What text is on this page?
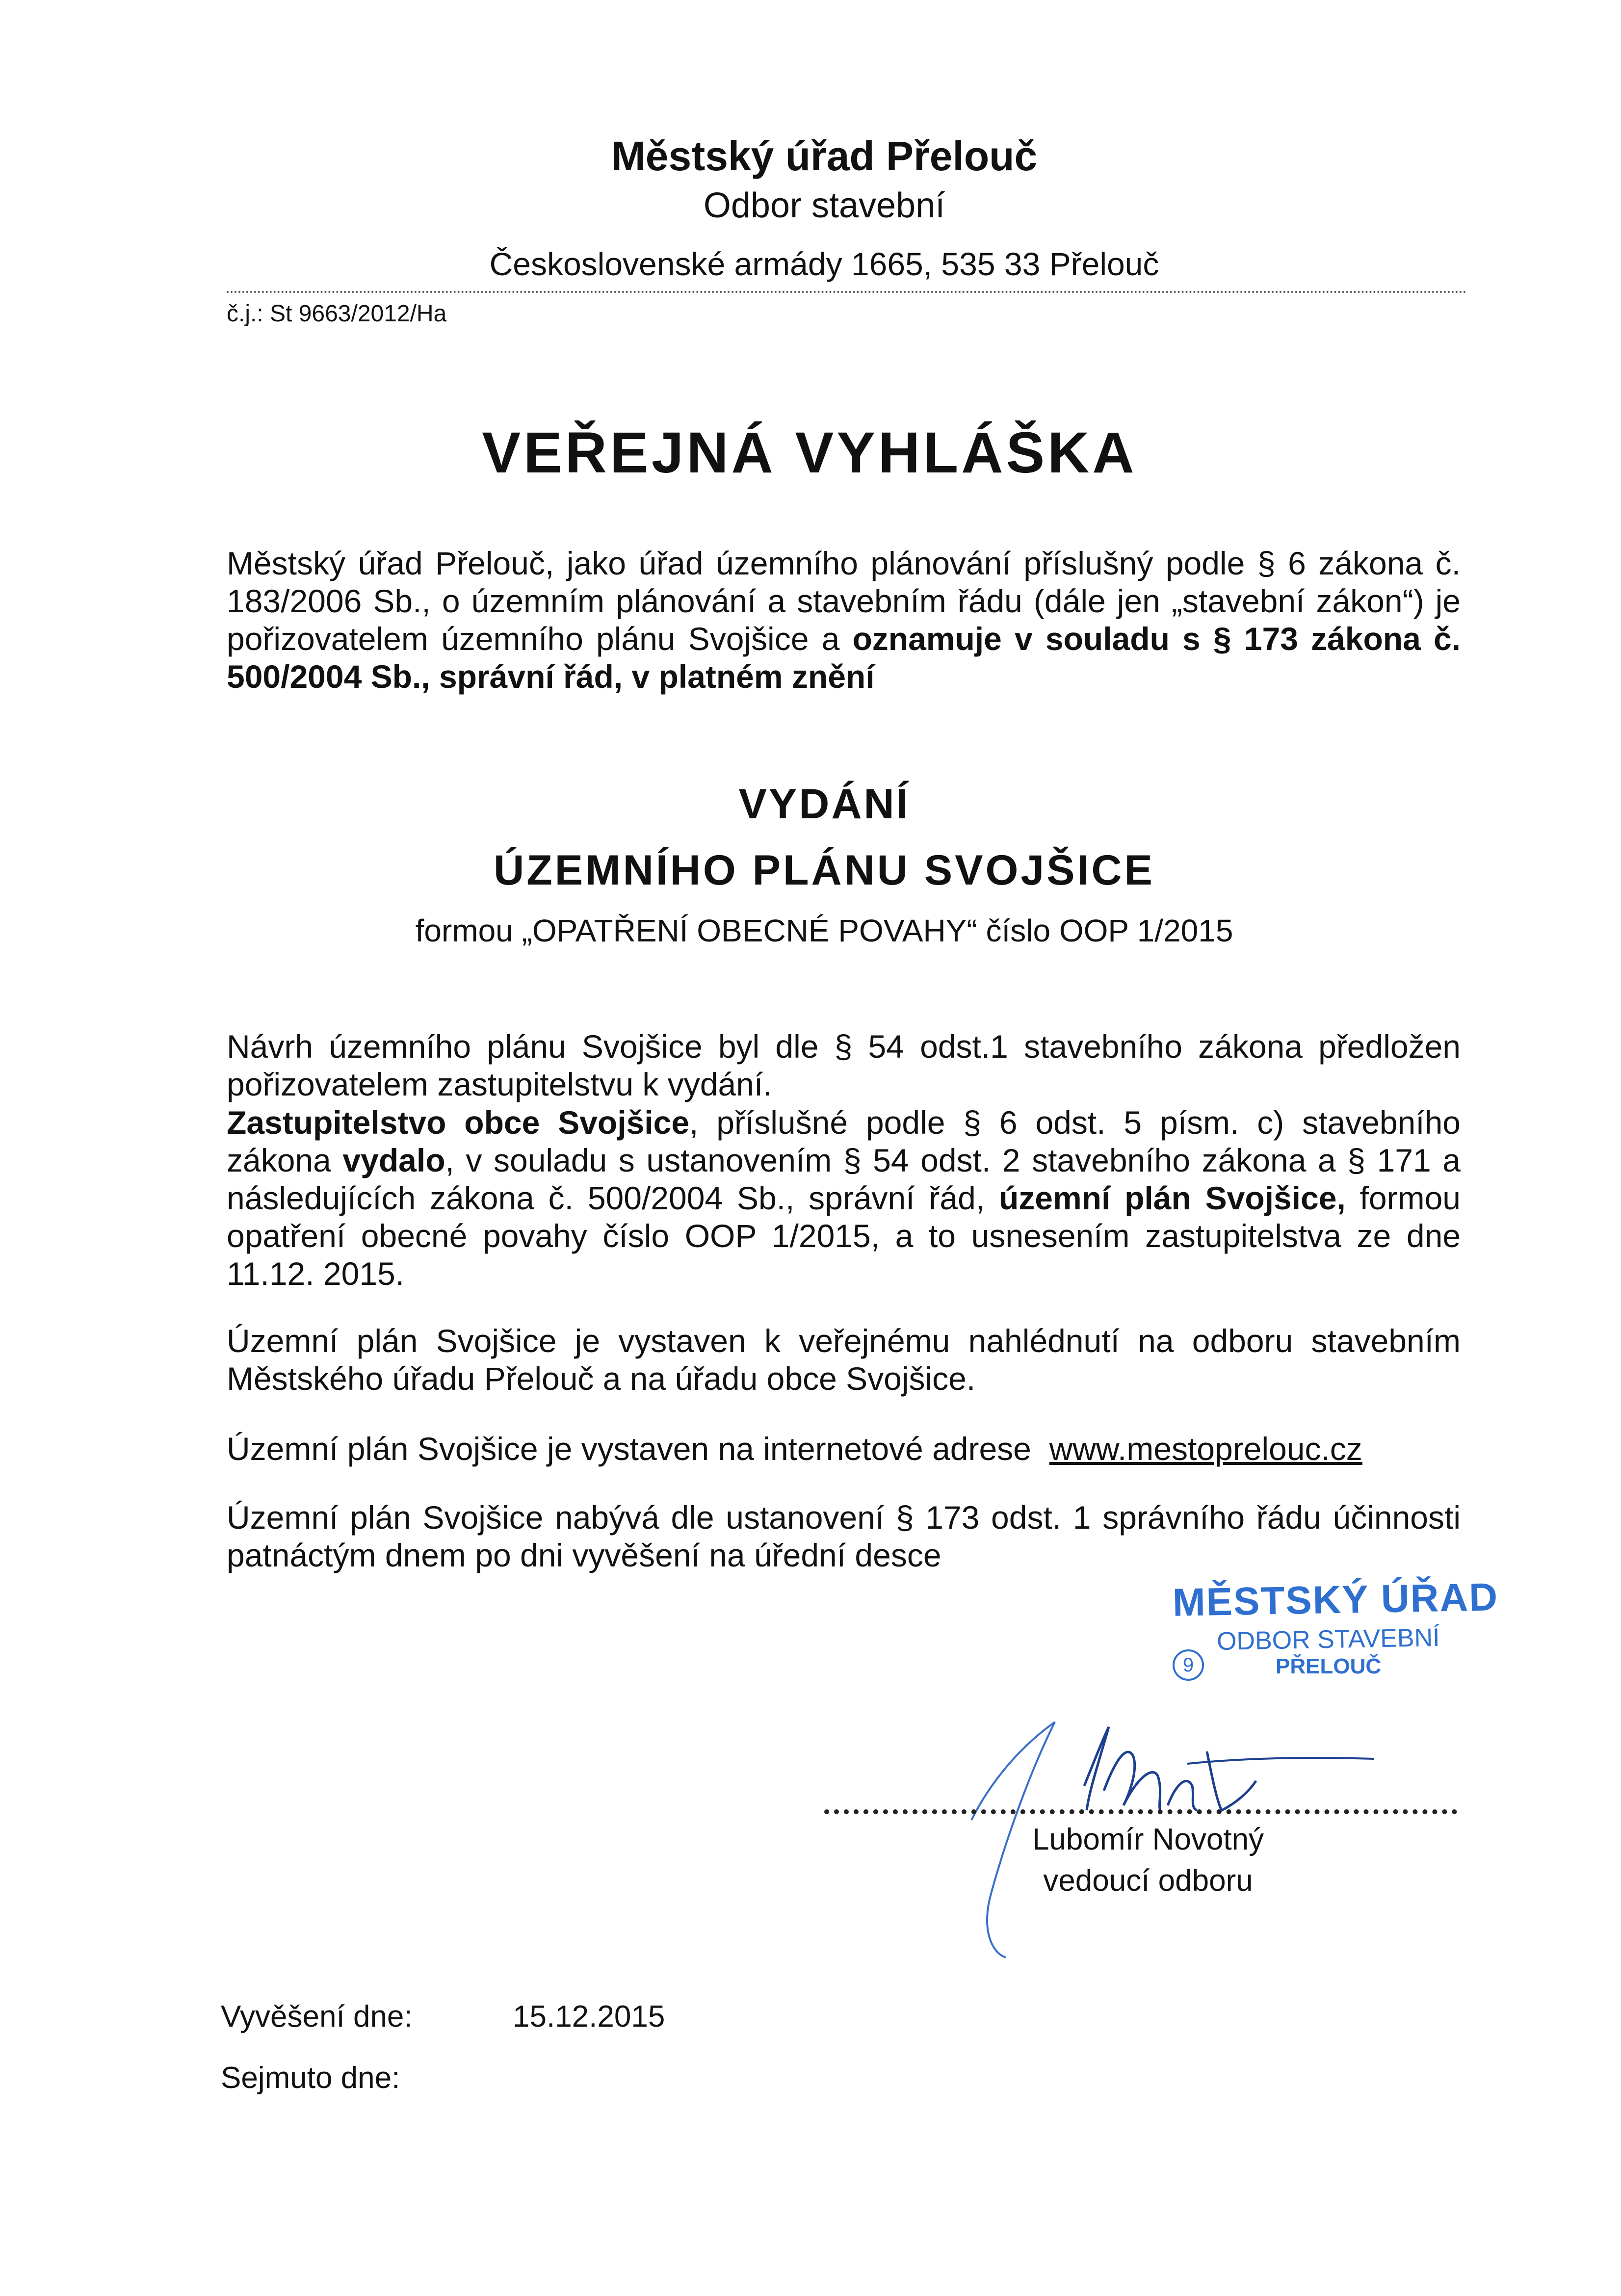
Městský úřad Přelouč
Odbor stavební
Československé armády 1665, 535 33 Přelouč
č.j.: St 9663/2012/Ha
VEŘEJNÁ VYHLÁŠKA
Městský úřad Přelouč, jako úřad územního plánování příslušný podle § 6 zákona č. 183/2006 Sb., o územním plánování a stavebním řádu (dále jen „stavební zákon“) je pořizovatelem územního plánu Svojšice a oznamuje v souladu s § 173 zákona č. 500/2004 Sb., správní řád, v platném znění
VYDÁNÍ
ÚZEMNÍHO PLÁNU SVOJŠICE
formou „OPATŘENÍ OBECNÉ POVAHY“ číslo OOP 1/2015
Návrh územního plánu Svojšice byl dle § 54 odst.1 stavebního zákona předložen pořizovatelem zastupitelstvu k vydání.
Zastupitelstvo obce Svojšice, příslušné podle § 6 odst. 5 písm. c) stavebního zákona vydalo, v souladu s ustanovením § 54 odst. 2 stavebního zákona a § 171 a následujících zákona č. 500/2004 Sb., správní řád, územní plán Svojšice, formou opatření obecné povahy číslo OOP 1/2015, a to usnesením zastupitelstva ze dne 11.12. 2015.
Územní plán Svojšice je vystaven k veřejnému nahlédnutí na odboru stavebním Městského úřadu Přelouč a na úřadu obce Svojšice.
Územní plán Svojšice je vystaven na internetové adrese www.mestoprelouc.cz
Územní plán Svojšice nabývá dle ustanovení § 173 odst. 1 správního řádu účinnosti patnáctým dnem po dni vyvěšení na úřední desce
MĚSTSKÝ ÚŘAD
ODBOR STAVEBNÍ
9	PŘELOUČ
Lubomír Novotný
vedoucí odboru
Vyvěšení dne:	15.12.2015
Sejmuto dne:
